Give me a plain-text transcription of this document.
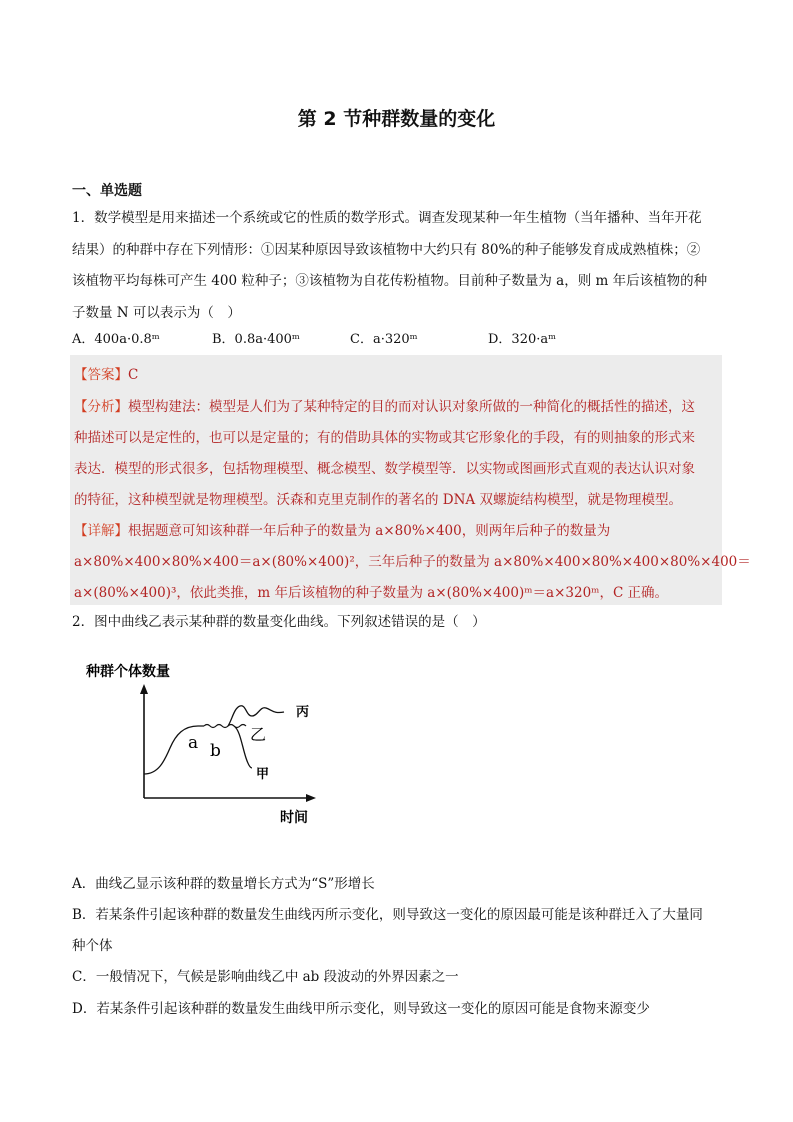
第 2 节种群数量的变化
一、单选题

1．数学模型是用来描述一个系统或它的性质的数学形式。调查发现某种一年生植物（当年播种、当年开花

结果）的种群中存在下列情形：①因某种原因导致该植物中大约只有 80%的种子能够发育成成熟植株；②

该植物平均每株可产生 400 粒种子；③该植物为自花传粉植物。目前种子数量为 a，则 m 年后该植物的种

子数量 N 可以表示为（　）

A．400a·0.8ᵐ	B．0.8a·400ᵐ	C．a·320ᵐ	D．320·aᵐ
【答案】C
【分析】模型构建法：模型是人们为了某种特定的目的而对认识对象所做的一种简化的概括性的描述，这
种描述可以是定性的，也可以是定量的；有的借助具体的实物或其它形象化的手段，有的则抽象的形式来
表达．模型的形式很多，包括物理模型、概念模型、数学模型等．以实物或图画形式直观的表达认识对象
的特征，这种模型就是物理模型。沃森和克里克制作的著名的 DNA 双螺旋结构模型，就是物理模型。
【详解】根据题意可知该种群一年后种子的数量为 a×80%×400，则两年后种子的数量为
a×80%×400×80%×400＝a×(80%×400)²，三年后种子的数量为 a×80%×400×80%×400×80%×400＝
a×(80%×400)³，依此类推，m 年后该植物的种子数量为 a×(80%×400)ᵐ＝a×320ᵐ，C 正确。
2．图中曲线乙表示某种群的数量变化曲线。下列叙述错误的是（　）
种群个体数量
时间
丙
乙
甲
a b
A．曲线乙显示该种群的数量增长方式为“S”形增长
B．若某条件引起该种群的数量发生曲线丙所示变化，则导致这一变化的原因最可能是该种群迁入了大量同
种个体
C．一般情况下，气候是影响曲线乙中 ab 段波动的外界因素之一
D．若某条件引起该种群的数量发生曲线甲所示变化，则导致这一变化的原因可能是食物来源变少
